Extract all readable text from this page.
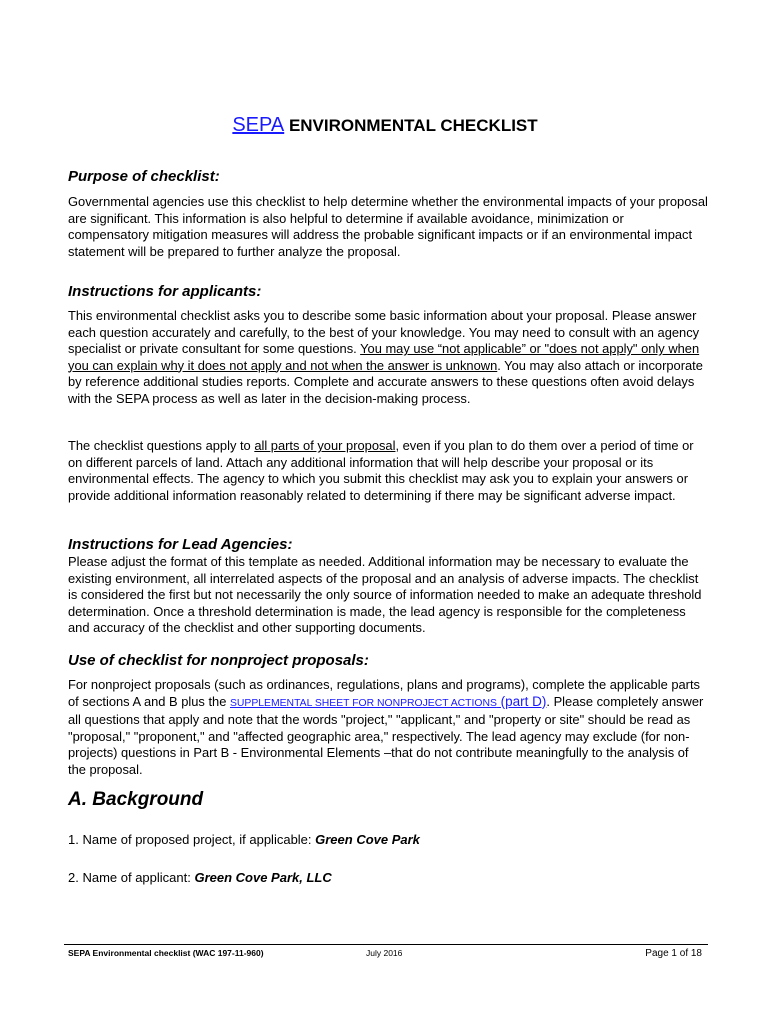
SEPA ENVIRONMENTAL CHECKLIST
Purpose of checklist:

Governmental agencies use this checklist to help determine whether the environmental impacts of your proposal are significant. This information is also helpful to determine if available avoidance, minimization or compensatory mitigation measures will address the probable significant impacts or if an environmental impact statement will be prepared to further analyze the proposal.

Instructions for applicants:

This environmental checklist asks you to describe some basic information about your proposal. Please answer each question accurately and carefully, to the best of your knowledge. You may need to consult with an agency specialist or private consultant for some questions. You may use “not applicable” or "does not apply" only when you can explain why it does not apply and not when the answer is unknown. You may also attach or incorporate by reference additional studies reports. Complete and accurate answers to these questions often avoid delays with the SEPA process as well as later in the decision-making process.

The checklist questions apply to all parts of your proposal, even if you plan to do them over a period of time or on different parcels of land. Attach any additional information that will help describe your proposal or its environmental effects. The agency to which you submit this checklist may ask you to explain your answers or provide additional information reasonably related to determining if there may be significant adverse impact.

Instructions for Lead Agencies:

Please adjust the format of this template as needed. Additional information may be necessary to evaluate the existing environment, all interrelated aspects of the proposal and an analysis of adverse impacts. The checklist is considered the first but not necessarily the only source of information needed to make an adequate threshold determination. Once a threshold determination is made, the lead agency is responsible for the completeness and accuracy of the checklist and other supporting documents.

Use of checklist for nonproject proposals:

For nonproject proposals (such as ordinances, regulations, plans and programs), complete the applicable parts of sections A and B plus the SUPPLEMENTAL SHEET FOR NONPROJECT ACTIONS (part D). Please completely answer all questions that apply and note that the words "project," "applicant," and "property or site" should be read as "proposal," "proponent," and "affected geographic area," respectively. The lead agency may exclude (for non-projects) questions in Part B - Environmental Elements –that do not contribute meaningfully to the analysis of the proposal.

A. Background
1. Name of proposed project, if applicable: Green Cove Park
2. Name of applicant: Green Cove Park, LLC
SEPA Environmental checklist (WAC 197-11-960)	July 2016	Page 1 of 18
